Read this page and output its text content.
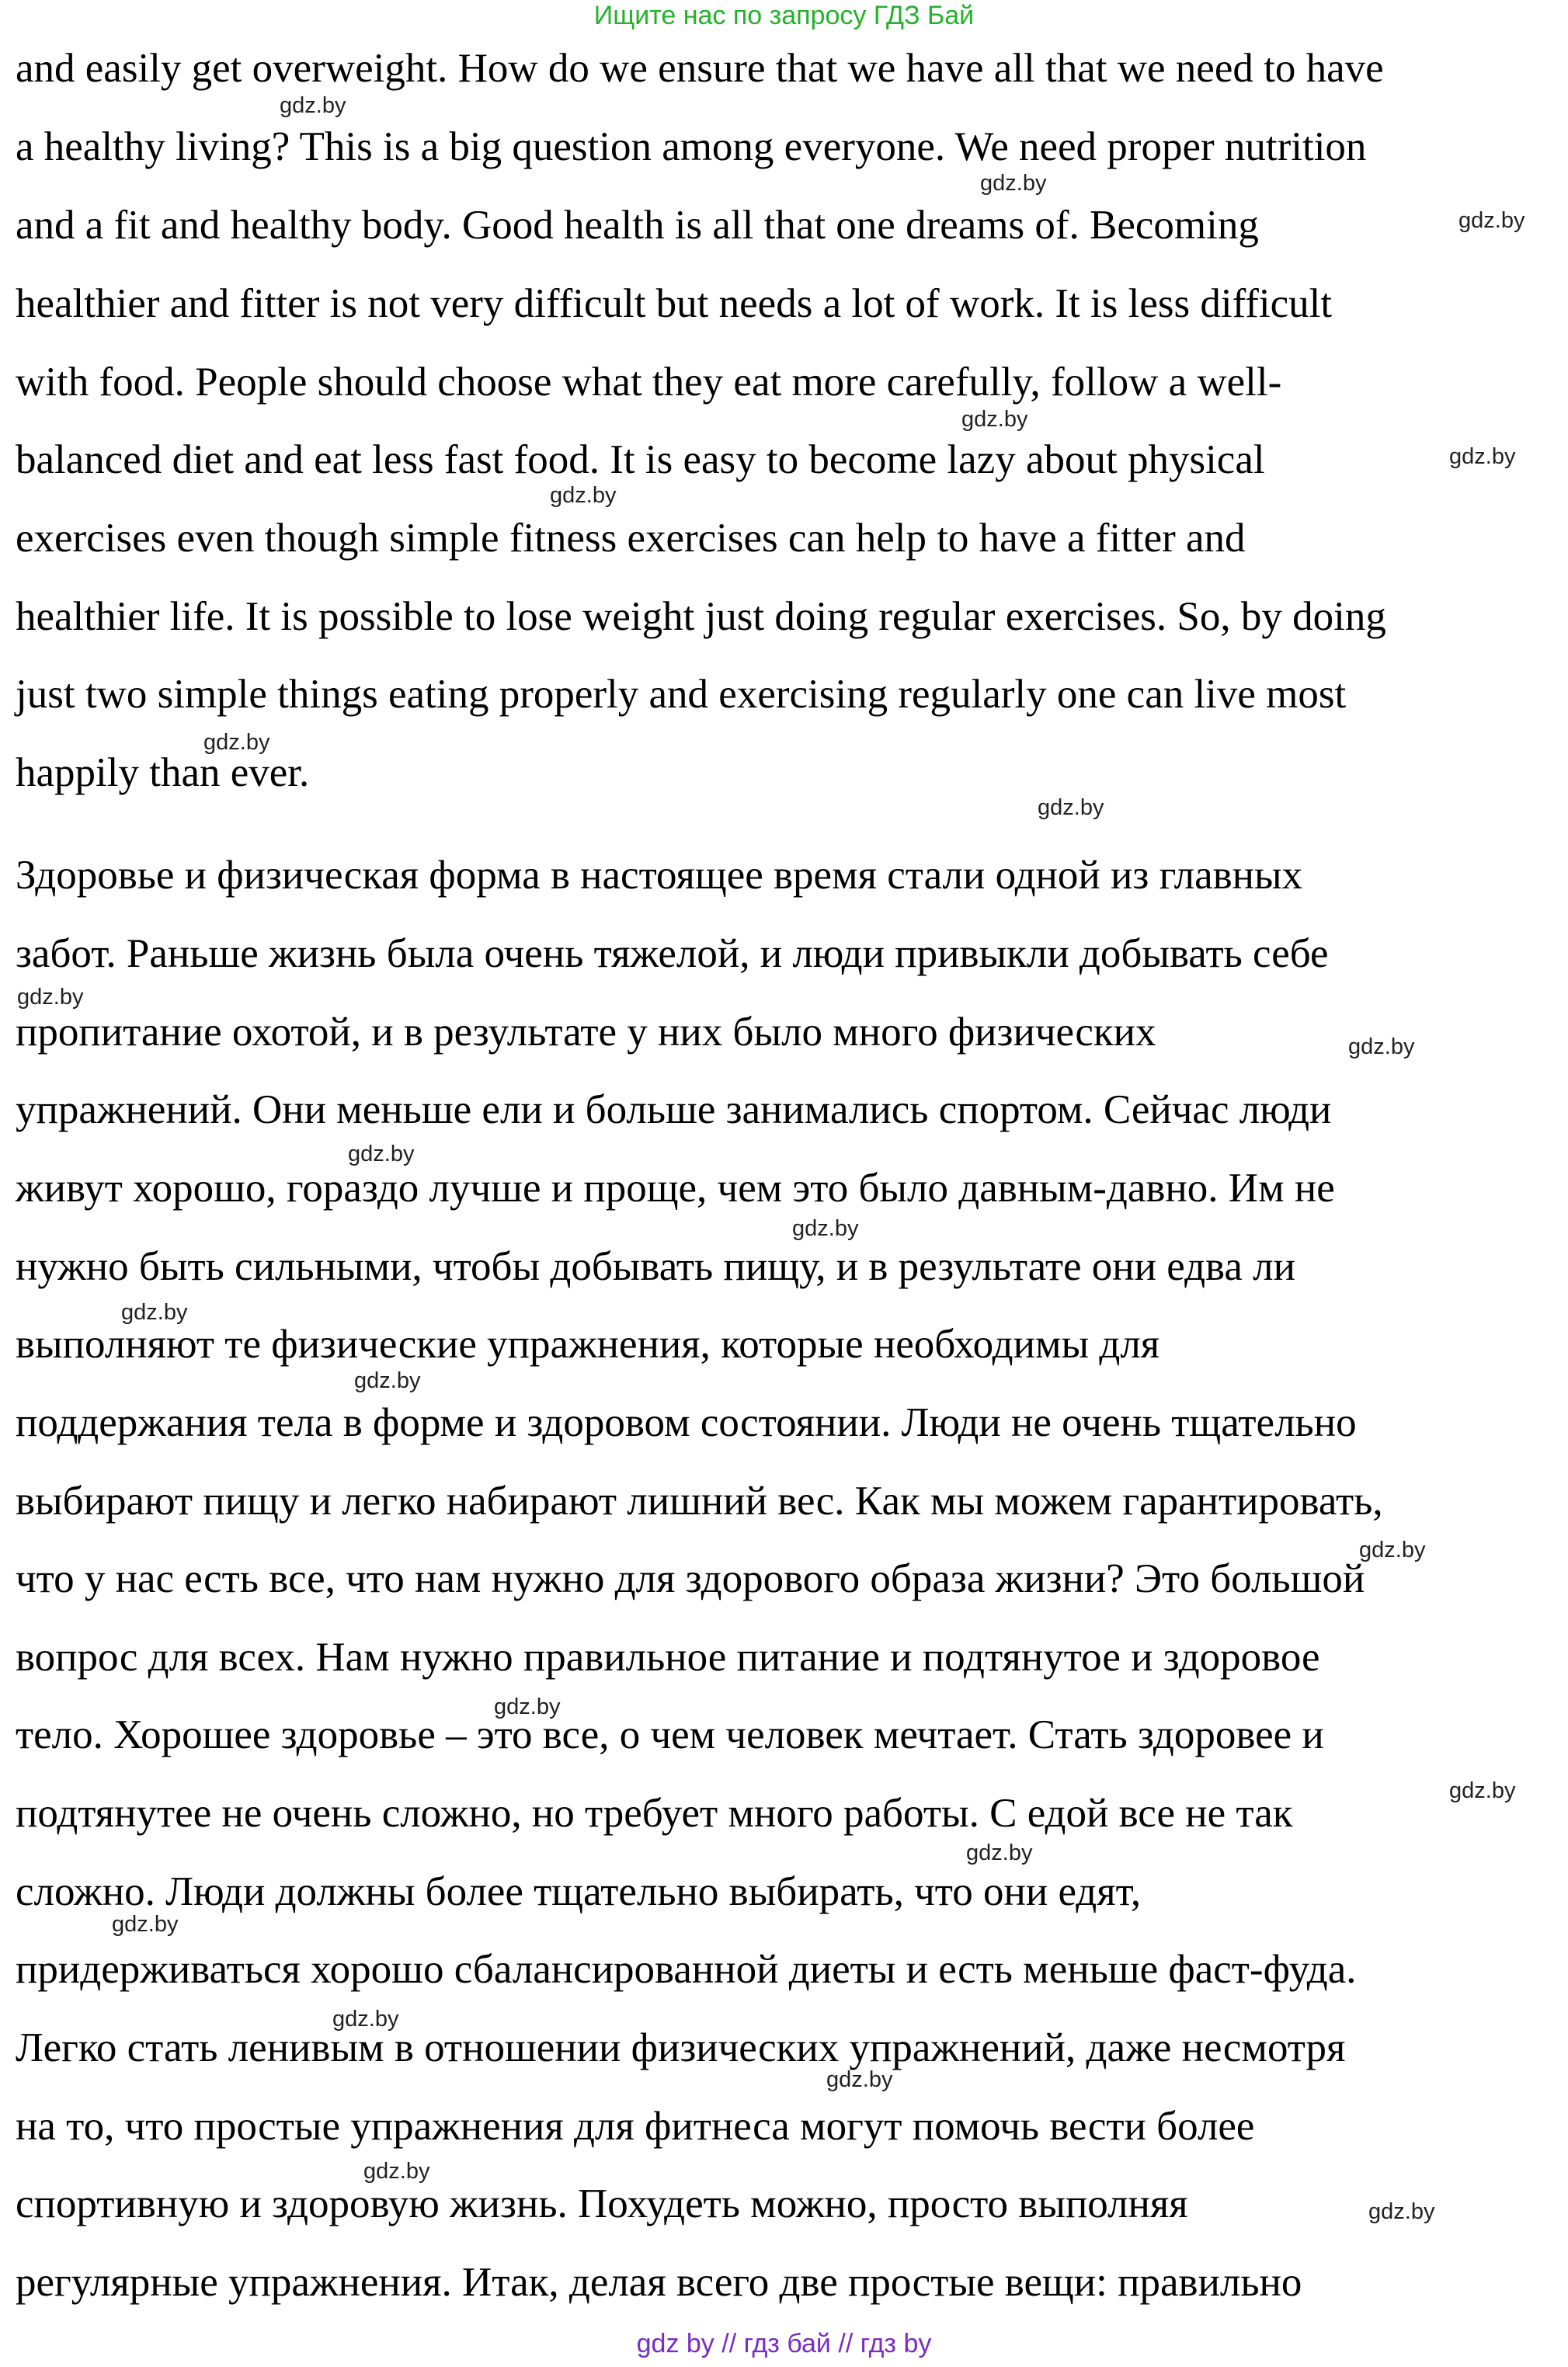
Ищите нас по запросу ГДЗ Бай
and easily get overweight. How do we ensure that we have all that we need to have
a healthy living? This is a big question among everyone. We need proper nutrition
and a fit and healthy body. Good health is all that one dreams of. Becoming
healthier and fitter is not very difficult but needs a lot of work. It is less difficult
with food. People should choose what they eat more carefully, follow a well-
balanced diet and eat less fast food. It is easy to become lazy about physical
exercises even though simple fitness exercises can help to have a fitter and
healthier life. It is possible to lose weight just doing regular exercises. So, by doing
just two simple things eating properly and exercising regularly one can live most
happily than ever.
Здоровье и физическая форма в настоящее время стали одной из главных
забот. Раньше жизнь была очень тяжелой, и люди привыкли добывать себе
пропитание охотой, и в результате у них было много физических
упражнений. Они меньше ели и больше занимались спортом. Сейчас люди
живут хорошо, гораздо лучше и проще, чем это было давным-давно. Им не
нужно быть сильными, чтобы добывать пищу, и в результате они едва ли
выполняют те физические упражнения, которые необходимы для
поддержания тела в форме и здоровом состоянии. Люди не очень тщательно
выбирают пищу и легко набирают лишний вес. Как мы можем гарантировать,
что у нас есть все, что нам нужно для здорового образа жизни? Это большой
вопрос для всех. Нам нужно правильное питание и подтянутое и здоровое
тело. Хорошее здоровье – это все, о чем человек мечтает. Стать здоровее и
подтянутее не очень сложно, но требует много работы. С едой все не так
сложно. Люди должны более тщательно выбирать, что они едят,
придерживаться хорошо сбалансированной диеты и есть меньше фаст-фуда.
Легко стать ленивым в отношении физических упражнений, даже несмотря
на то, что простые упражнения для фитнеса могут помочь вести более
спортивную и здоровую жизнь. Похудеть можно, просто выполняя
регулярные упражнения. Итак, делая всего две простые вещи: правильно
gdz.by
gdz.by
gdz.by
gdz.by
gdz.by
gdz.by
gdz.by
gdz.by
gdz.by
gdz.by
gdz.by
gdz.by
gdz.by
gdz.by
gdz.by
gdz.by
gdz.by
gdz.by
gdz.by
gdz.by
gdz.by
gdz.by
gdz.by
gdz by // гдз бай // гдз by
